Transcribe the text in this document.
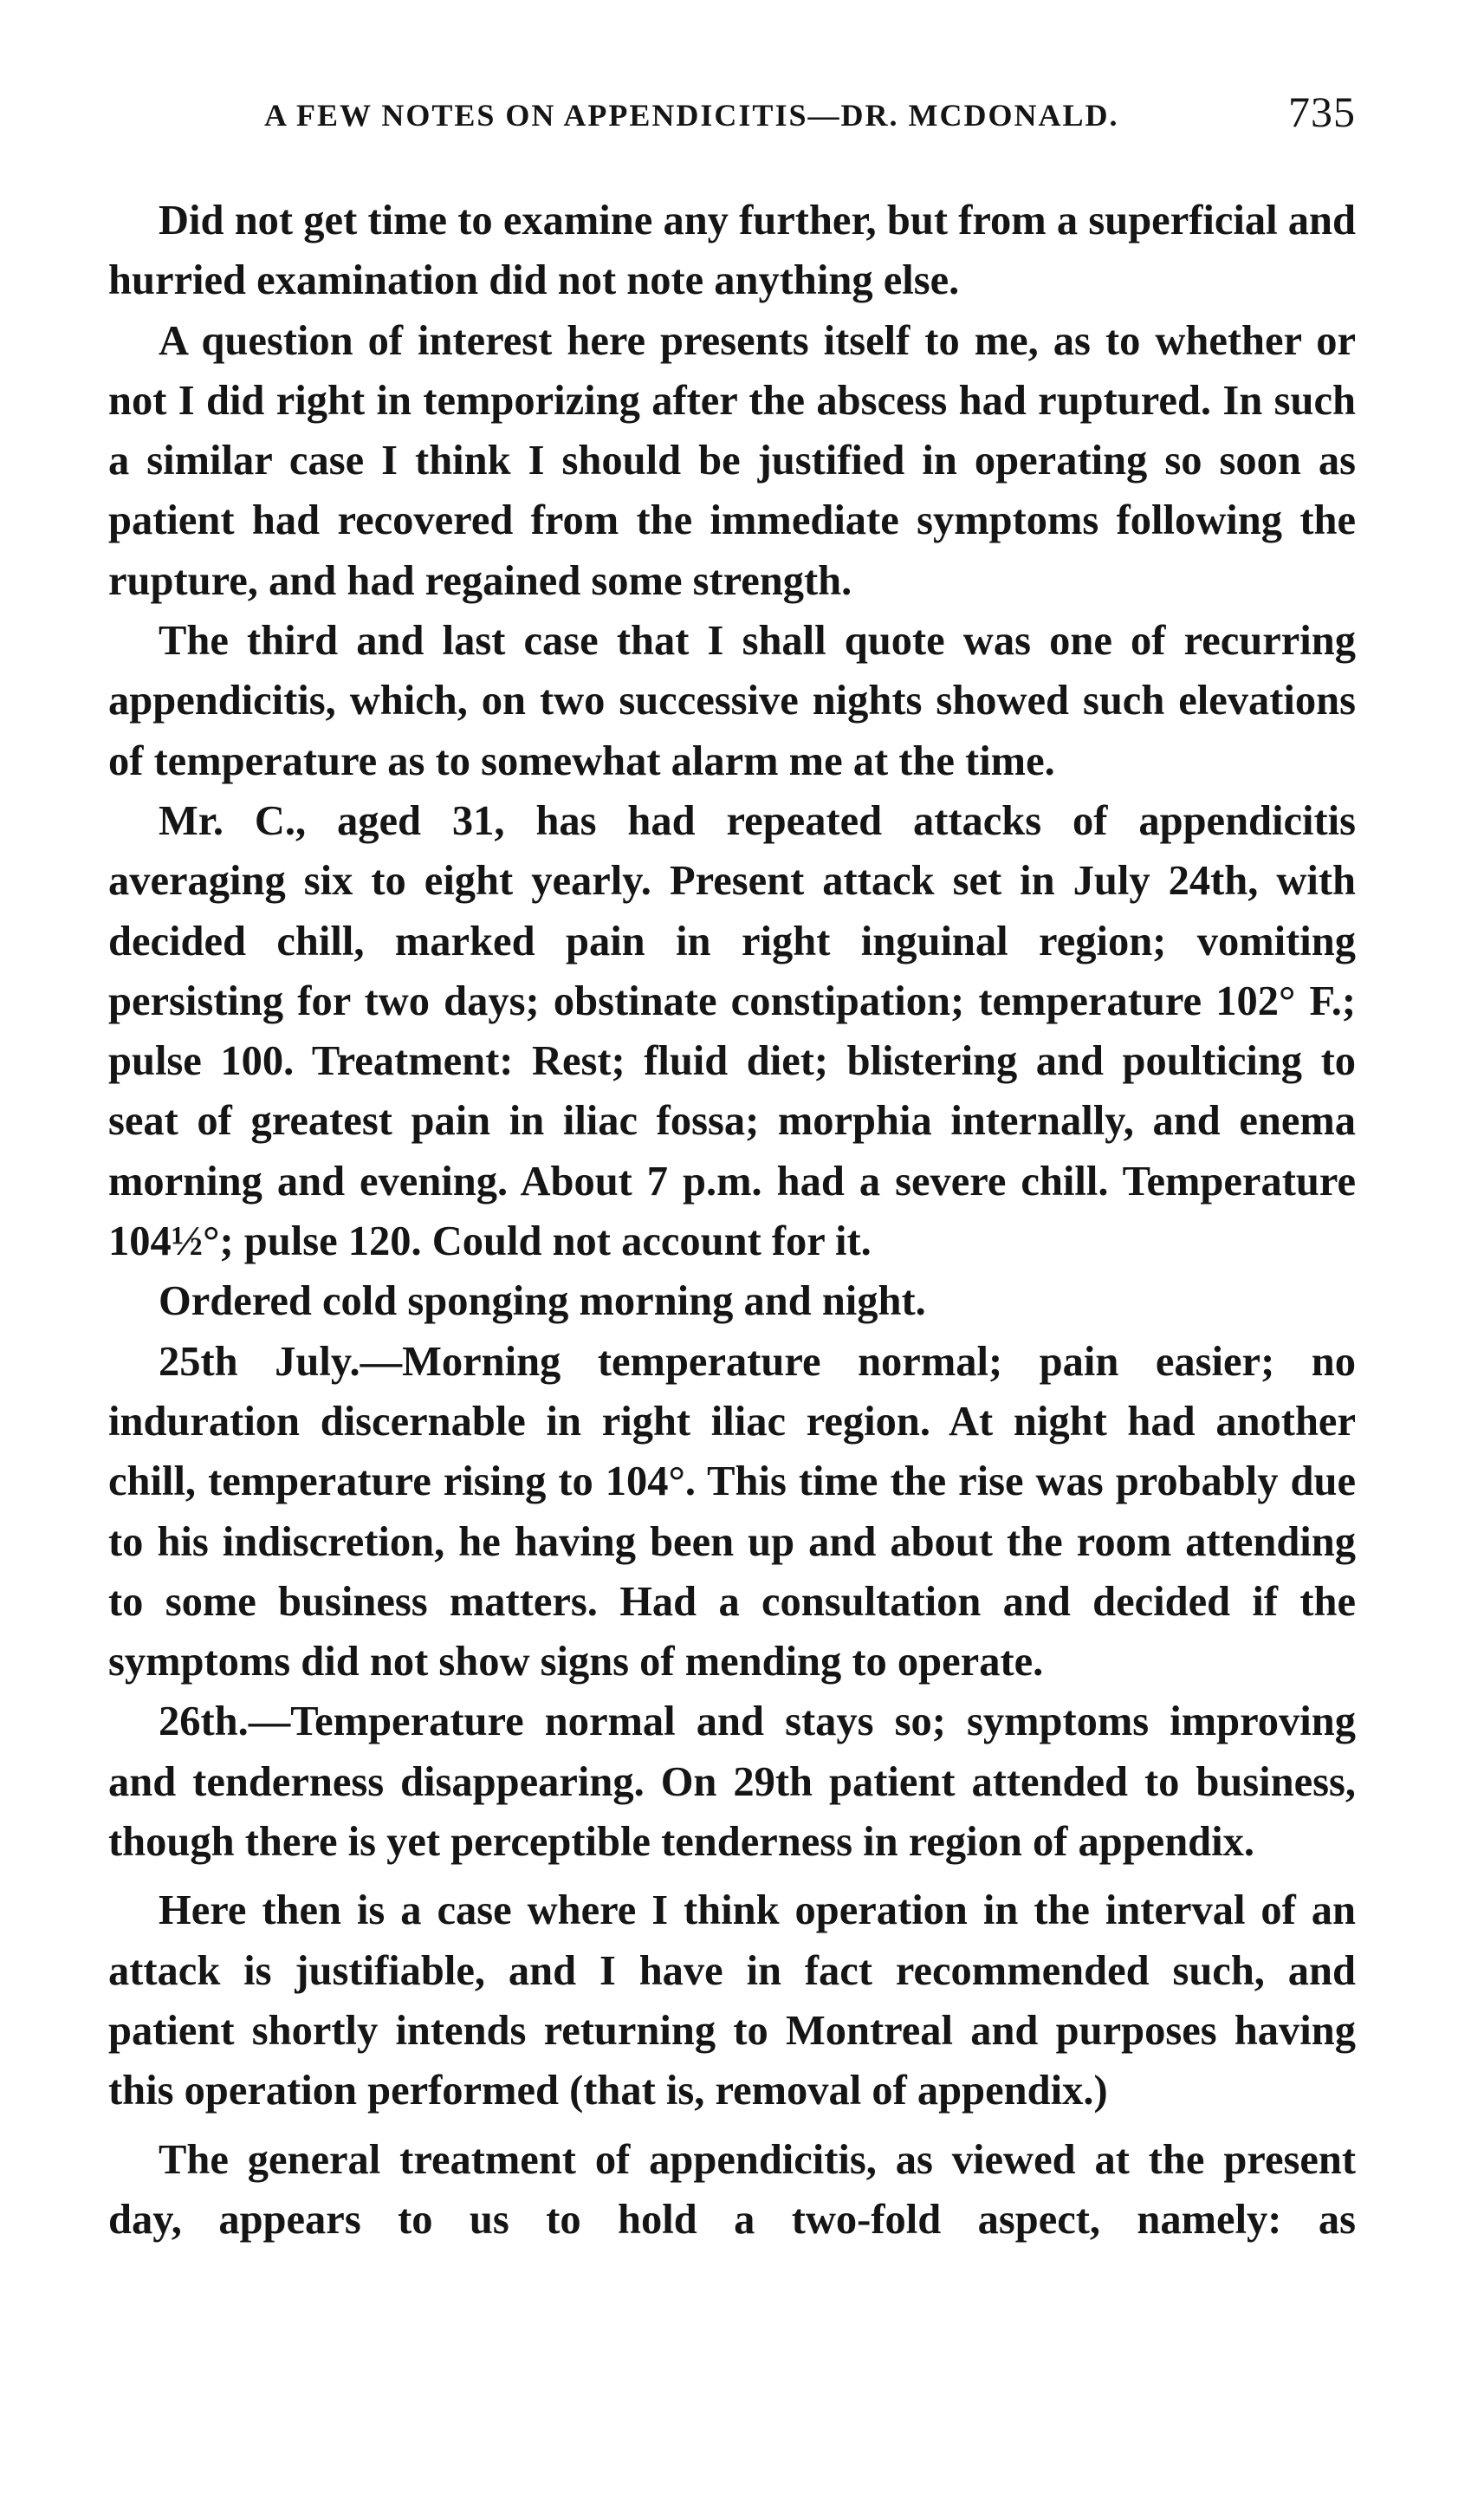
A FEW NOTES ON APPENDICITIS—DR. MCDONALD.	735

Did not get time to examine any further, but from a superficial and hurried examination did not note anything else.

A question of interest here presents itself to me, as to whether or not I did right in temporizing after the abscess had ruptured. In such a similar case I think I should be justified in operating so soon as patient had recovered from the immediate symptoms following the rupture, and had regained some strength.

The third and last case that I shall quote was one of recurring appendicitis, which, on two successive nights showed such elevations of temperature as to somewhat alarm me at the time.

Mr. C., aged 31, has had repeated attacks of appendicitis averaging six to eight yearly. Present attack set in July 24th, with decided chill, marked pain in right inguinal region; vomiting persisting for two days; obstinate constipation; temperature 102° F.; pulse 100. Treatment: Rest; fluid diet; blistering and poulticing to seat of greatest pain in iliac fossa; morphia internally, and enema morning and evening. About 7 p.m. had a severe chill. Temperature 104½°; pulse 120. Could not account for it.

Ordered cold sponging morning and night.

25th July.—Morning temperature normal; pain easier; no induration discernable in right iliac region. At night had another chill, temperature rising to 104°. This time the rise was probably due to his indiscretion, he having been up and about the room attending to some business matters. Had a consultation and decided if the symptoms did not show signs of mending to operate.

26th.—Temperature normal and stays so; symptoms improving and tenderness disappearing. On 29th patient attended to business, though there is yet perceptible tenderness in region of appendix.

Here then is a case where I think operation in the interval of an attack is justifiable, and I have in fact recommended such, and patient shortly intends returning to Montreal and purposes having this operation performed (that is, removal of appendix.)

The general treatment of appendicitis, as viewed at the present day, appears to us to hold a two-fold aspect, namely: as
